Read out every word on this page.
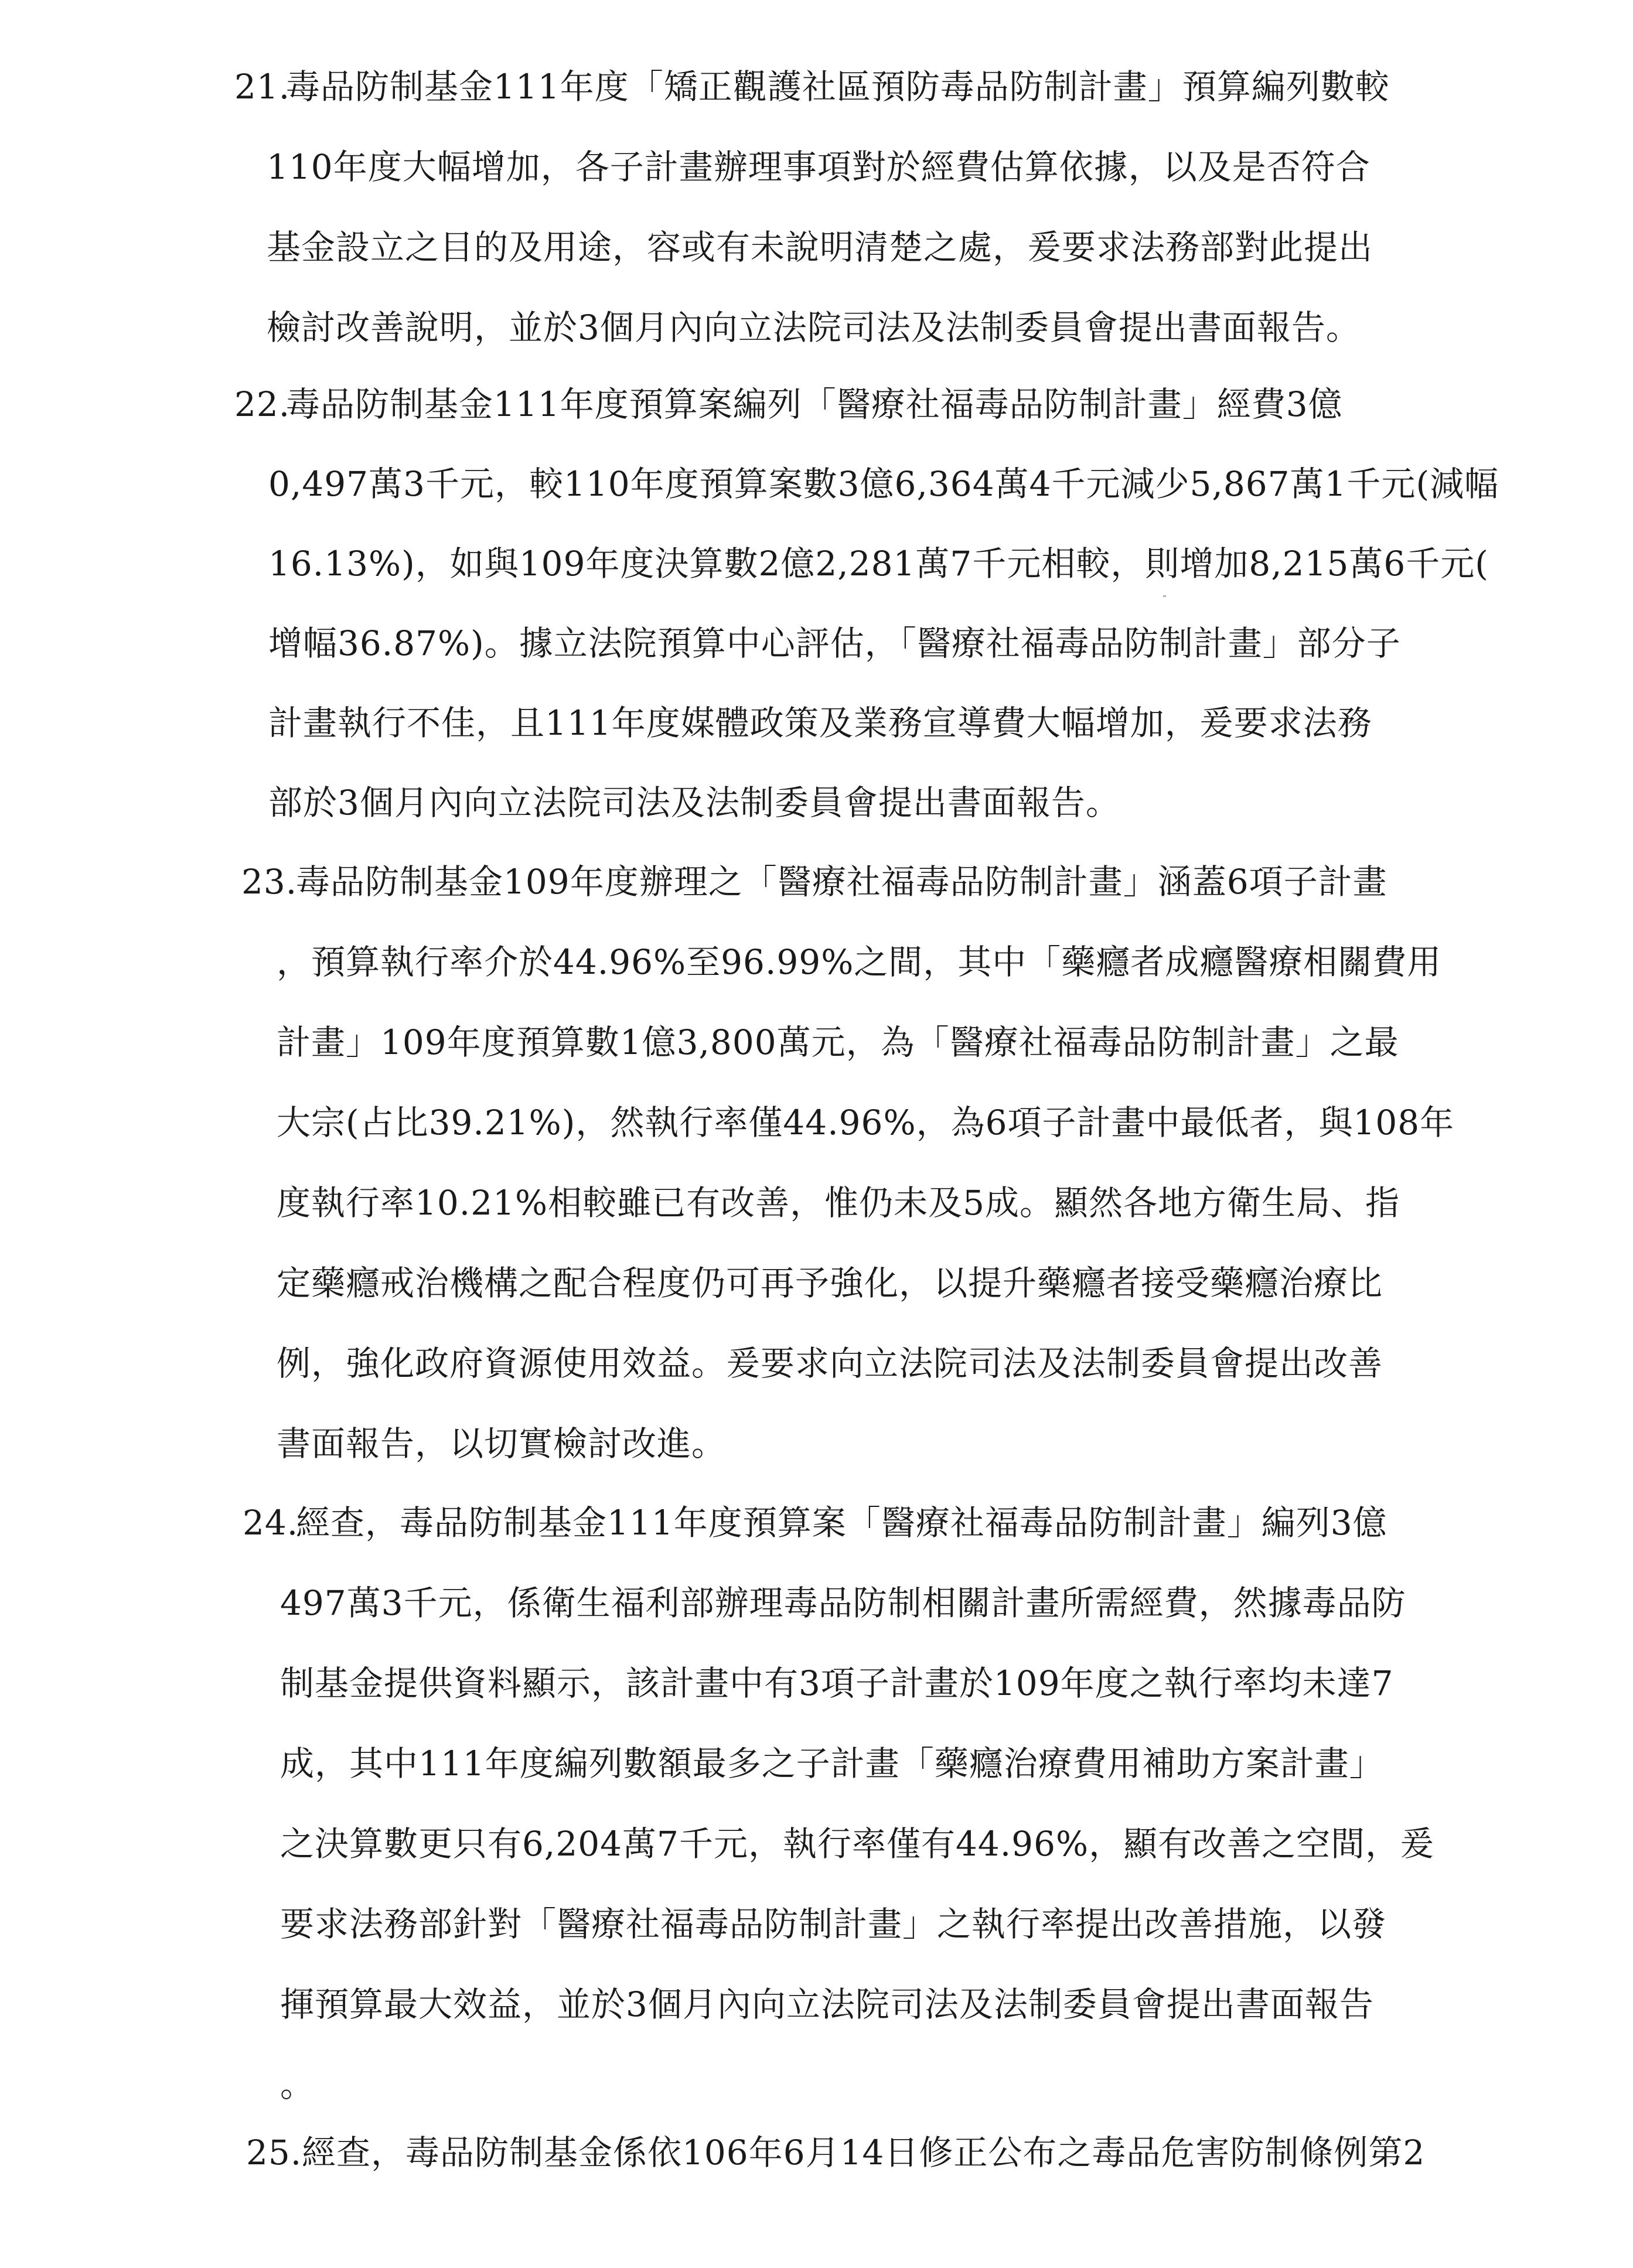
21.
毒品防制基金111年度「矯正觀護社區預防毒品防制計畫」預算編列數較
110年度大幅增加，各子計畫辦理事項對於經費估算依據，以及是否符合
基金設立之目的及用途，容或有未說明清楚之處，爰要求法務部對此提出
檢討改善說明，並於3個月內向立法院司法及法制委員會提出書面報告。
22.
毒品防制基金111年度預算案編列「醫療社福毒品防制計畫」經費3億
0,497萬3千元，較110年度預算案數3億6,364萬4千元減少5,867萬1千元(減幅
16.13%)，如與109年度決算數2億2,281萬7千元相較，則增加8,215萬6千元(
增幅36.87%)。據立法院預算中心評估，「醫療社福毒品防制計畫」部分子
計畫執行不佳，且111年度媒體政策及業務宣導費大幅增加，爰要求法務
部於3個月內向立法院司法及法制委員會提出書面報告。
23.
毒品防制基金109年度辦理之「醫療社福毒品防制計畫」涵蓋6項子計畫
，預算執行率介於44.96%至96.99%之間，其中「藥癮者成癮醫療相關費用
計畫」109年度預算數1億3,800萬元，為「醫療社福毒品防制計畫」之最
大宗(占比39.21%)，然執行率僅44.96%，為6項子計畫中最低者，與108年
度執行率10.21%相較雖已有改善，惟仍未及5成。顯然各地方衛生局、指
定藥癮戒治機構之配合程度仍可再予強化，以提升藥癮者接受藥癮治療比
例，強化政府資源使用效益。爰要求向立法院司法及法制委員會提出改善
書面報告，以切實檢討改進。
24.
經查，毒品防制基金111年度預算案「醫療社福毒品防制計畫」編列3億
497萬3千元，係衛生福利部辦理毒品防制相關計畫所需經費，然據毒品防
制基金提供資料顯示，該計畫中有3項子計畫於109年度之執行率均未達7
成，其中111年度編列數額最多之子計畫「藥癮治療費用補助方案計畫」
之決算數更只有6,204萬7千元，執行率僅有44.96%，顯有改善之空間，爰
要求法務部針對「醫療社福毒品防制計畫」之執行率提出改善措施，以發
揮預算最大效益，並於3個月內向立法院司法及法制委員會提出書面報告
。
25. 經查，毒品防制基金係依106年6月14日修正公布之毒品危害防制條例第2
